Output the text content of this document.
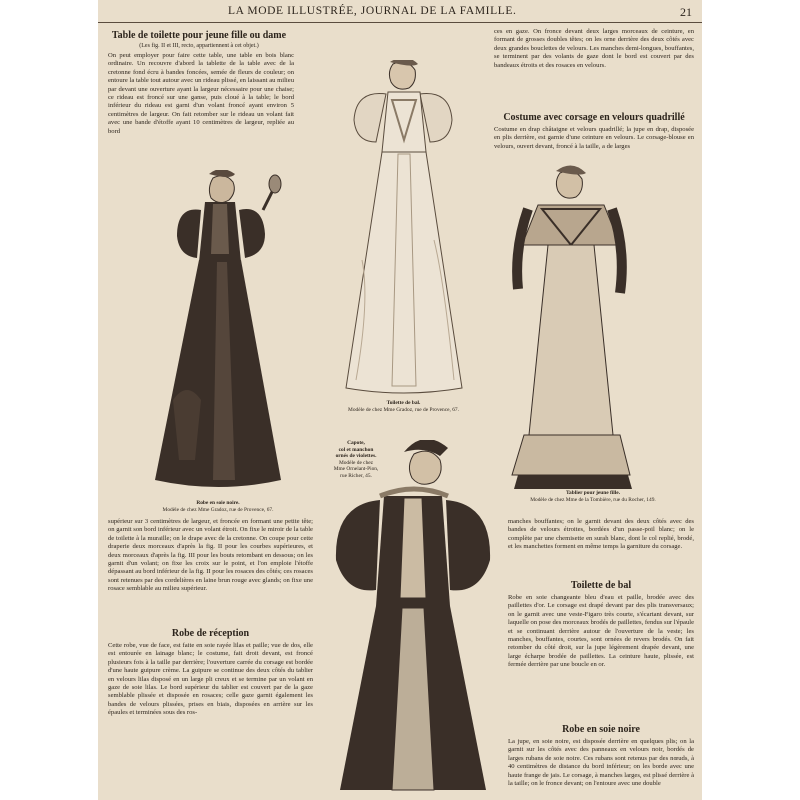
LA MODE ILLUSTRÉE, JOURNAL DE LA FAMILLE.	21
Table de toilette pour jeune fille ou dame
(Les fig. II et III, recto, appartiennent à cet objet.)

On peut employer pour faire cette table, une table en bois blanc ordinaire. Un recouvre d'abord la tablette de la table avec de la cretonne fond écru à bandes foncées, semée de fleurs de couleur; on entoure la table tout autour avec un rideau plissé, en laissant au milieu par devant une ouverture ayant la largeur nécessaire pour une chaise; ce rideau est froncé sur une ganse, puis cloué à la table; le bord inférieur du rideau est garni d'un volant froncé ayant environ 5 centimètres de largeur. On fait retomber sur le rideau un volant fait avec une bande d'étoffe ayant 10 centimètres de largeur, repliée au bord

Robe en soie noire.
Modèle de chez Mme Gradoz, rue de Provence, 67.
Toilette de bal.
Modèle de chez Mme Gradoz, rue de Provence, 67.

ces en gaze. On fronce devant deux larges morceaux de ceinture, en formant de grosses doubles têtes; on les orne derrière des deux côtés avec deux grandes bouclettes de velours. Les manches demi-longues, bouffantes, se terminent par des volants de gaze dont le bord est couvert par des bandeaux étroits et des rosaces en velours.

Costume avec corsage en velours quadrillé

Costume en drap châtaigne et velours quadrillé; la jupe en drap, disposée en plis derrière, est garnie d'une ceinture en velours. Le corsage-blouse en velours, ouvert devant, froncé à la taille, a de larges

Tablier pour jeune fille.
Modèle de chez Mme de la Tombière, rue du Rocher, 149.
Capote,
col et manchon
ornés de violettes.
Modèle de chez
Mme Ornelant-Pion,
rue Richer, 45.

supérieur sur 3 centimètres de largeur, et froncée en formant une petite tête; on garnit son bord inférieur avec un volant étroit. On fixe le miroir de la table de toilette à la muraille; on le drape avec de la cretonne. On coupe pour cette draperie deux morceaux d'après la fig. II pour les courbes supérieures, et deux morceaux d'après la fig. III pour les bouts retombant en dessous; on les garnit d'un volant; on fixe les croix sur le point, et l'on emploie l'étoffe dépassant au bord inférieur de la fig. II pour les rosaces des côtés; ces rosaces sont retenues par des cordelières en laine brun rouge avec glands; on fixe une rosace semblable au milieu supérieur.

Robe de réception

Cette robe, vue de face, est faite en soie rayée lilas et paille; vue de dos, elle est entourée en lainage blanc; le costume, fait droit devant, est froncé plusieurs fois à la taille par derrière; l'ouverture carrée du corsage est bordée d'une haute guipure crème. La guipure se continue des deux côtés du tablier en velours lilas disposé en un large pli creux et se termine par un volant en gaze de soie lilas. Le bord supérieur du tablier est couvert par de la gaze semblable plissée et disposée en rosaces; celle gaze garnit également les bandes de velours plissées, prises en biais, disposées en arrière sur les épaules et terminées sous des ros-

manches bouffantes; on le garnit devant des deux côtés avec des bandes de velours étroites, bordées d'un passe-poil blanc; on le complète par une chemisette en surah blanc, dont le col replié, brodé, et les manchettes forment en même temps la garniture du corsage.

Toilette de bal

Robe en soie changeante bleu d'eau et paille, brodée avec des paillettes d'or. Le corsage est drapé devant par des plis transversaux; on le garnit avec une veste-Figaro très courte, s'écartant devant, sur laquelle on pose des morceaux brodés de paillettes, fendus sur l'épaule et se continuant derrière autour de l'ouverture de la veste; les manches, bouffantes, courtes, sont ornées de revers brodés. On fait retomber du côté droit, sur la jupe légèrement drapée devant, une large écharpe brodée de paillettes. La ceinture haute, plissée, est fermée derrière par une boucle en or.

Robe en soie noire

La jupe, en soie noire, est disposée derrière en quelques plis; on la garnit sur les côtés avec des panneaux en velours noir, bordés de larges rubans de soie noire. Ces rubans sont retenus par des nœuds, à 40 centimètres de distance du bord inférieur; on les borde avec une haute frange de jais. Le corsage, à manches larges, est plissé derrière à la taille; on le fronce devant; on l'entoure avec une double
